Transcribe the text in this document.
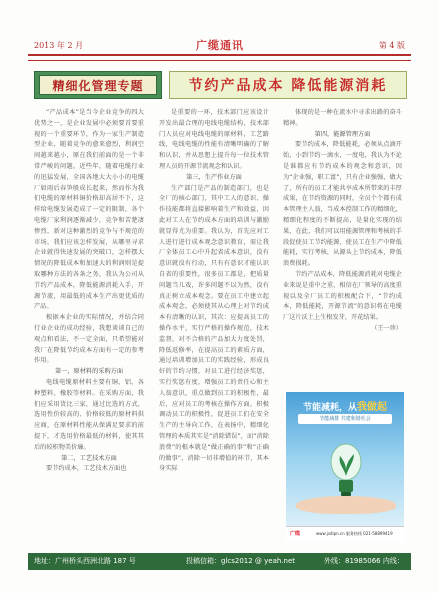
2013 年 2 月	广缆通讯	第 4 版
精细化管理专题	节约产品成本 降低能源消耗

“产品成本”是当今企业竞争的四大优势之一，是企业发展中必须要首要重视的一个重要环节，作为一家生产制造型企业，随着竞争的愈来愈烈，利润空间越来越小，原在我们前面的是一个非常严峻的问题。近些年，随着电缆行业的迅猛发展，全国各地大大小小的电缆厂如雨后春笋般成长起来，然而作为我们电缆的原材料铜价格却高居不下，这样给电缆发展造成了一定的限制，各个电缆厂家利润逐渐减少，竞争和苦楚凄惨烈，新对这种激烈的竞争与不规范的市场，我们应该怎样发展，从哪里寻求企业就得快速发展的突破口，怎样摆大情况的降低成本和加速大的利润则是提取哪种方法的各条之务，我认为公司从节约产品成本，降低能源消耗入手，开源节流，用最低的成本生产出更优质的产品。

根据本企业的实际情况，并结合同行业企业的成功经验，我想谈谈自己的观点和看法，不一定全面，只希望能对我厂在降低节约成本方面有一定的参考作用。

第一，原材料的采购方面

电线电缆原材料主要有铜、铝、各种塑料、橡胶等材料。在采购方面，我们应采用货比三家，通过比选的方式，选用性价较高的、价格较低的原材料供应商，在原材料性能从保满足要求的前提下，才选用价格最低的材料，使其其后的较积物美价廉。

第二，工艺技术方面

要节约成本，工艺技术方面也

是重要的一环，技术部门应该设计开发出最合理的电线电缆结构，技术部门人员应对电线电缆的原材料，工艺路线，电线电缆的性能有清晰明确的了解和认识，并从思想上提升每一位技术管理人员的开源节流观念和认识。

第三，生产作业方面

生产部门是产品的制造部门，也是全厂的核心部门，其中工人的意识、操作技能都将直接影响着生产和效益，因此对工人在节约成本方面的培训与激励就显得尤为重要。我认为，首先应对工人进行进行成本观念意识教育，需让我厂全体员工心中升起省成本意识，没有意识就没有行动，只有有意识才能认识自省的重要性，很多员工都是，把质量问题当儿戏，许多问题不以为然，没有真正树立成本观念。要在员工中建立起成本观念，必须使其从心理上对节约成本有清晰的认识，其次：应提高员工的操作水平，实行严格的操作规范，技术监督，对不合格的产品加大力度处罚，降低返修率，在提高员工的素质方面，通过培训增加员工的实践经验，形成良好的节约习惯，对员工进行经济奖惩，实行奖惩有度，增强员工的责任心和主人翁意识，重点做到员工的积极性，最后，应对员工的考核在操作方面，积极调动员工的积极性，促进员工们在安全生产的主导向工作，在表扬中，精细化管理的本质其实是“消除错误”，而“消除浪费”的根本就是“做正确的事”和“正确的做事”，消除一切非增值的环节，其本身实际

体现的是一种在流水中寻求出路的奋斗精神。

第四，能源管理方面

要节约成本，降低能耗，必须从点滴开始，小到节约一滴水，一度电，我认为不论是谁都应有节约成本的观念和意识，因为“企业强，职工富”，只有企业强强，做大了，所有的员工才能共享成本所带来的丰厚成果，在节约资源的同时，全员个个都有成本管理主人翁，当成本控制工作的精细化，精细化程度的不断提高，是量化实现的结果，在此，我们可以用能源管理和考核的手段促使员工节约能源，使员工在生产中降低能耗，实行考核，从源头上节约成本，降低浪费损耗。

节约产品成本，降低能源消耗对电缆企业来说是重中之重，相信在厂领导的高度重视以及全厂员工的积极配合下，“节约成本，降低能耗，开源节流”的意识将在电缆厂这片沃土上生根发芽，开花结果。

（王一珍）

节能减耗，从我做起
节能减排 共建和谐社会
广缆	www.jsdlpn.cn 服务热线 021-58899419
地址：广州桥头西洲北路 187 号	投稿信箱：glcs2012 @ yeah.net	外线：81985066 内线：2003
